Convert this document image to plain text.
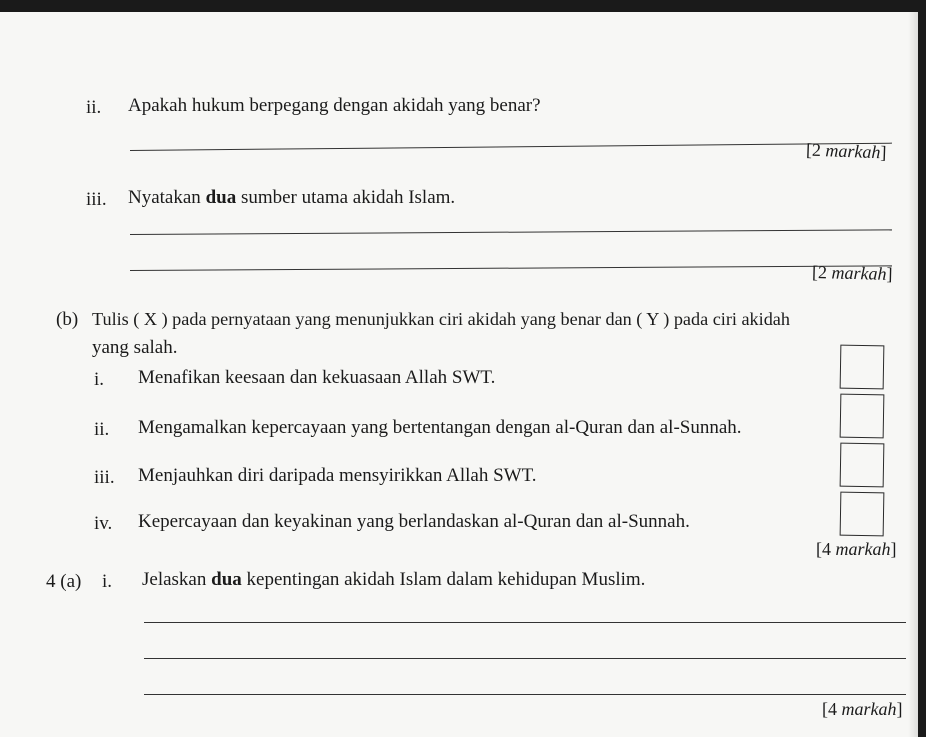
ii. Apakah hukum berpegang dengan akidah yang benar?
[2 markah]
iii. Nyatakan dua sumber utama akidah Islam.
[2 markah]
(b) Tulis ( X ) pada pernyataan yang menunjukkan ciri akidah yang benar dan ( Y ) pada ciri akidah
yang salah.
i. Menafikan keesaan dan kekuasaan Allah SWT.
ii. Mengamalkan kepercayaan yang bertentangan dengan al-Quran dan al-Sunnah.
iii. Menjauhkan diri daripada mensyirikkan Allah SWT.
iv. Kepercayaan dan keyakinan yang berlandaskan al-Quran dan al-Sunnah.
[4 markah]
4 (a) i. Jelaskan dua kepentingan akidah Islam dalam kehidupan Muslim.
[4 markah]
